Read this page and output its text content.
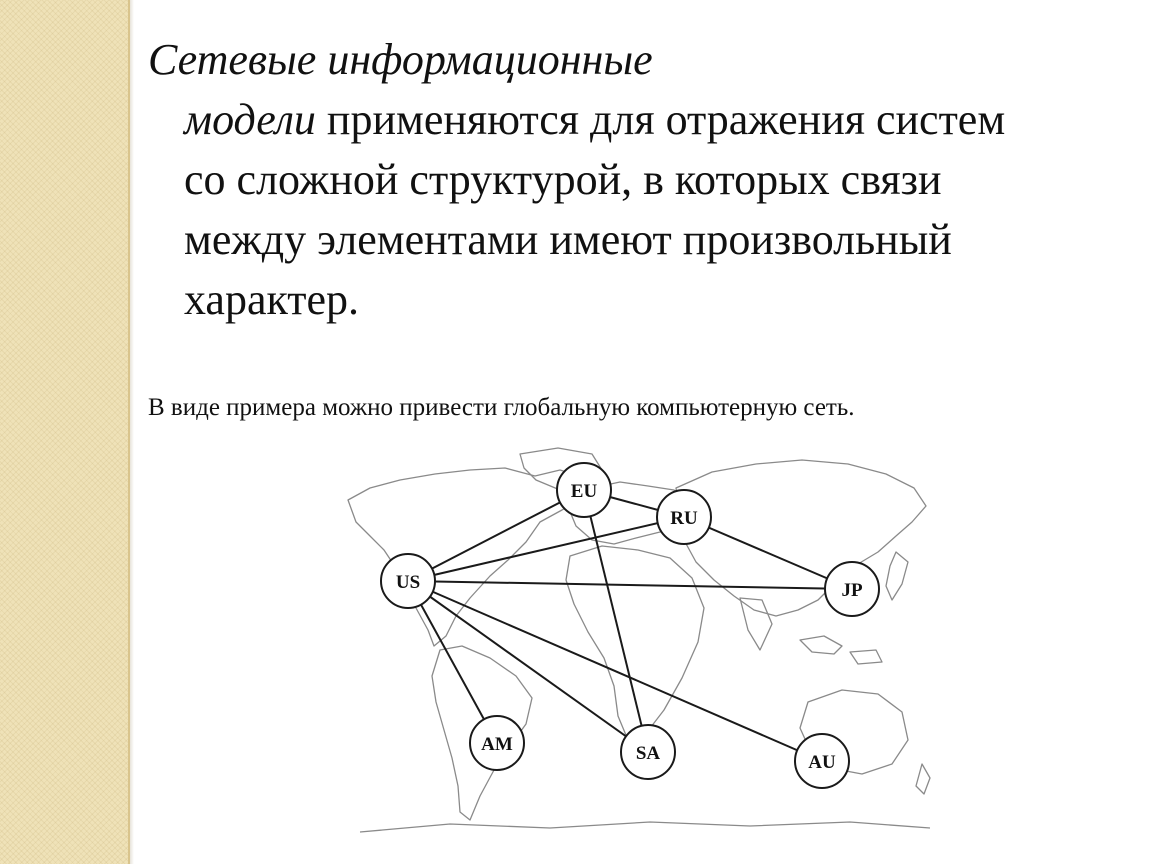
Сетевые информационные
модели применяются для отражения систем
со сложной структурой, в которых связи
между элементами имеют произвольный
характер.

В виде примера можно привести глобальную компьютерную сеть.

EU
RU
US	JP
AM	SA	AU
